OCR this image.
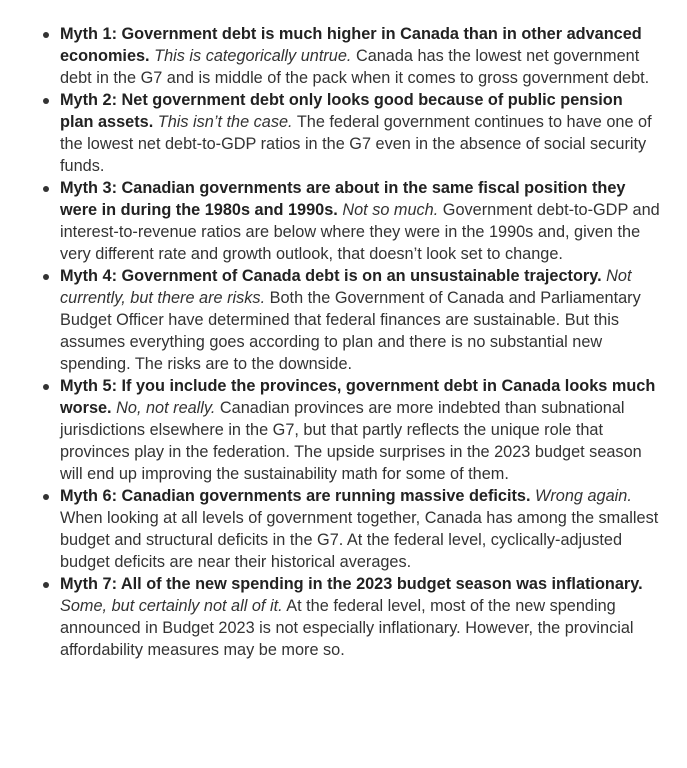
Myth 1: Government debt is much higher in Canada than in other advanced economies. This is categorically untrue. Canada has the lowest net government debt in the G7 and is middle of the pack when it comes to gross government debt.
Myth 2: Net government debt only looks good because of public pension plan assets. This isn’t the case. The federal government continues to have one of the lowest net debt-to-GDP ratios in the G7 even in the absence of social security funds.
Myth 3: Canadian governments are about in the same fiscal position they were in during the 1980s and 1990s. Not so much. Government debt-to-GDP and interest-to-revenue ratios are below where they were in the 1990s and, given the very different rate and growth outlook, that doesn’t look set to change.
Myth 4: Government of Canada debt is on an unsustainable trajectory. Not currently, but there are risks. Both the Government of Canada and Parliamentary Budget Officer have determined that federal finances are sustainable. But this assumes everything goes according to plan and there is no substantial new spending. The risks are to the downside.
Myth 5: If you include the provinces, government debt in Canada looks much worse. No, not really. Canadian provinces are more indebted than subnational jurisdictions elsewhere in the G7, but that partly reflects the unique role that provinces play in the federation. The upside surprises in the 2023 budget season will end up improving the sustainability math for some of them.
Myth 6: Canadian governments are running massive deficits. Wrong again. When looking at all levels of government together, Canada has among the smallest budget and structural deficits in the G7. At the federal level, cyclically-adjusted budget deficits are near their historical averages.
Myth 7: All of the new spending in the 2023 budget season was inflationary. Some, but certainly not all of it. At the federal level, most of the new spending announced in Budget 2023 is not especially inflationary. However, the provincial affordability measures may be more so.
